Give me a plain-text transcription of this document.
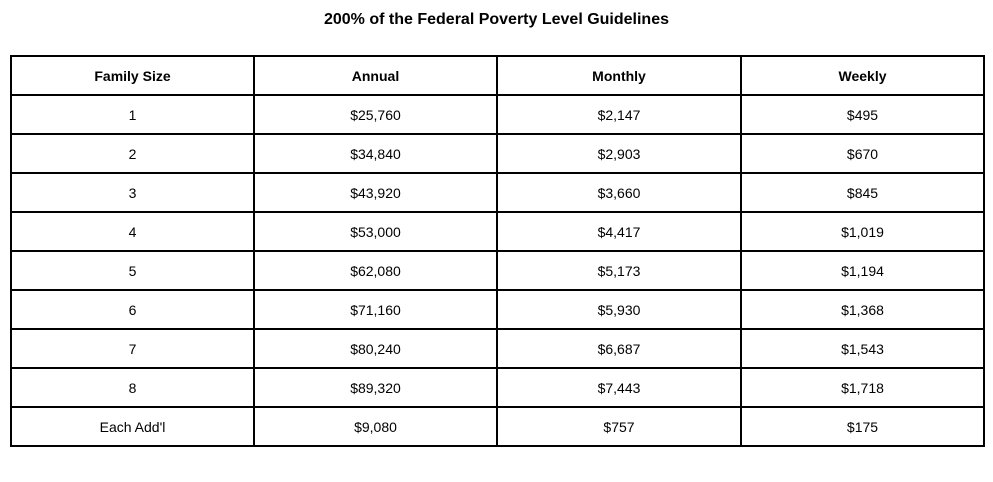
200% of the Federal Poverty Level Guidelines
Family Size	Annual	Monthly	Weekly
1	$25,760	$2,147	$495
2	$34,840	$2,903	$670
3	$43,920	$3,660	$845
4	$53,000	$4,417	$1,019
5	$62,080	$5,173	$1,194
6	$71,160	$5,930	$1,368
7	$80,240	$6,687	$1,543
8	$89,320	$7,443	$1,718
Each Add'l	$9,080	$757	$175
